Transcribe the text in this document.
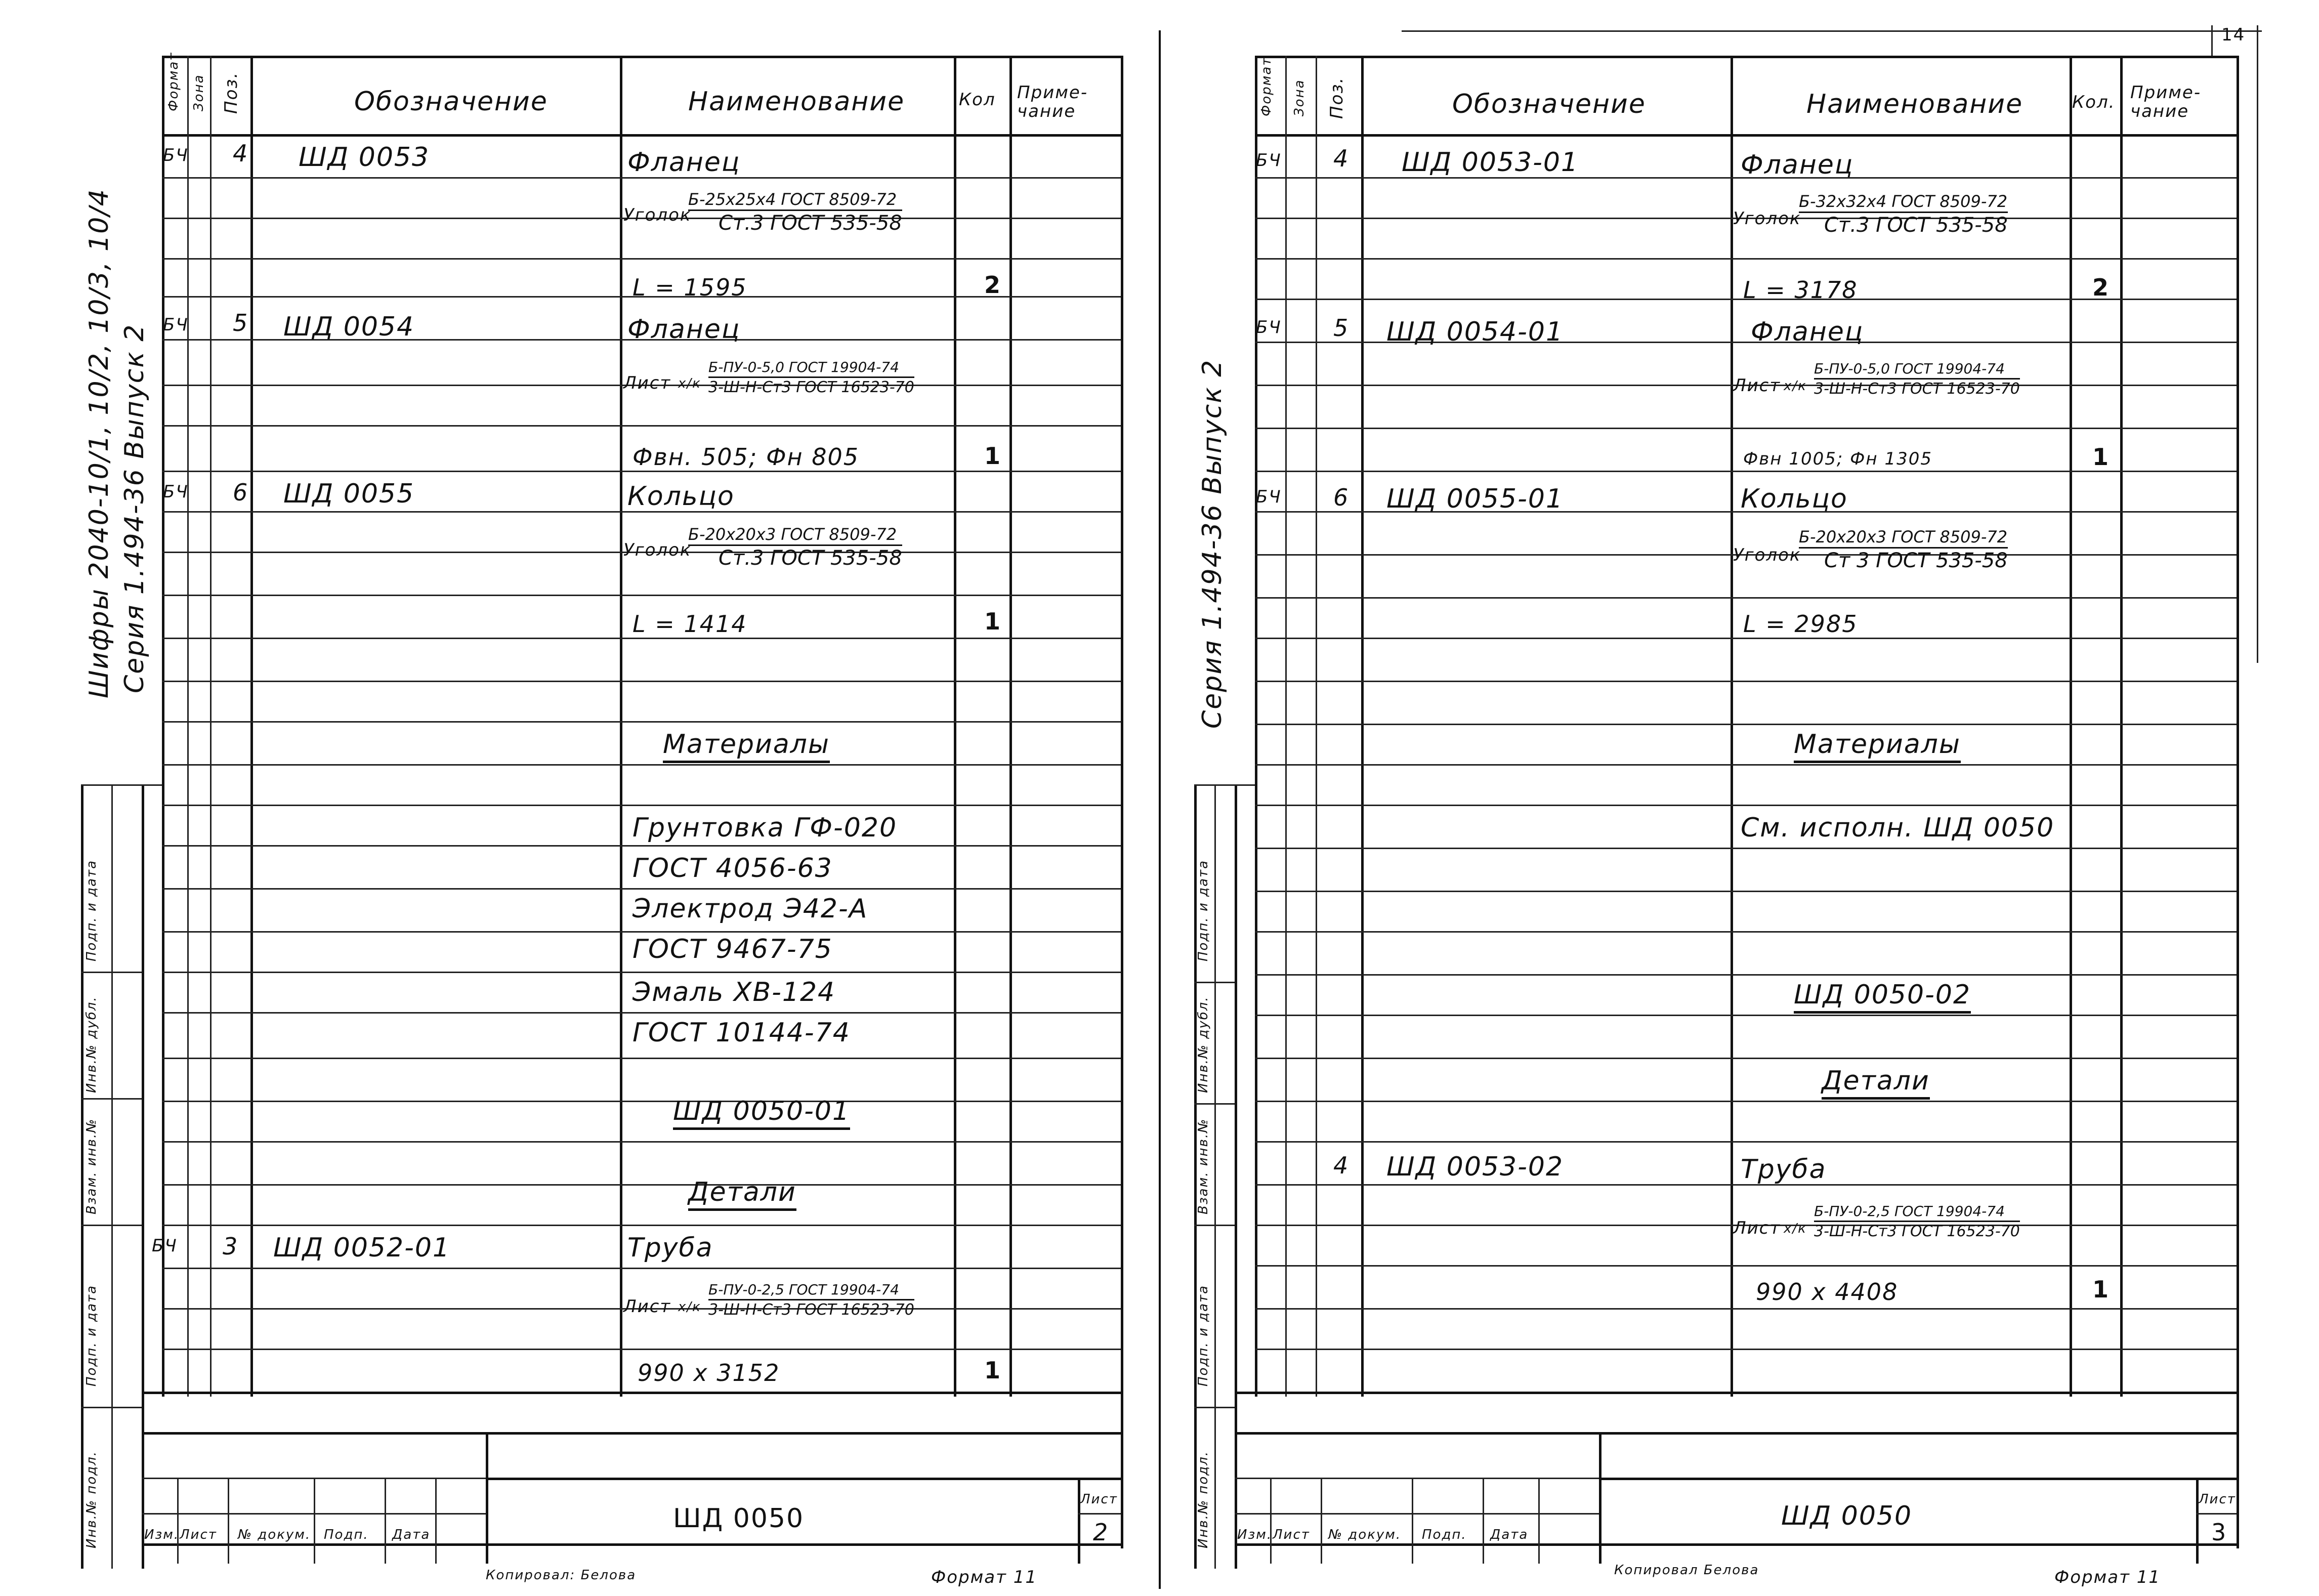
Шифры 2040-10/1, 10/2, 10/3, 10/4 Серия 1.494-36 Выпуск 2
Формат Зона Поз.	Обозначение	Наименование	Кол Приме-чание
БЧ 4 ШД 0053	Фланец
Уголок
Б-25х25х4 ГОСТ 8509-72
Ст.3 ГОСТ 535-58
L = 1595	2
БЧ 5 ШД 0054	Фланец
Лист х/к
Б-ПУ-0-5,0 ГОСТ 19904-74
3-Ш-Н-Ст3 ГОСТ 16523-70
Фвн. 505; Фн 805	1
БЧ 6 ШД 0055	Кольцо
Уголок
Б-20х20х3 ГОСТ 8509-72
Ст.3 ГОСТ 535-58
L = 1414	1
Материалы
Грунтовка ГФ-020
ГОСТ 4056-63
Электрод Э42-А
ГОСТ 9467-75
Эмаль ХВ-124
ГОСТ 10144-74
ШД 0050-01
Детали
БЧ 3 ШД 0052-01	Труба
Лист х/к
Б-ПУ-0-2,5 ГОСТ 19904-74
3-Ш-Н-Ст3 ГОСТ 16523-70
990 х 3152	1
Инв.№ подл.
Подп. и дата
Взам. инв.№
Инв.№ дубл.
Подп. и дата
Изм. Лист № докум. Подп. Дата
ШД 0050
Лист
2
Копировал: Белова	Формат 11
14
Серия 1.494-36 Выпуск 2
Формат Зона Поз.	Обозначение	Наименование	Кол. Приме-чание
БЧ 4 ШД 0053-01	Фланец
Уголок
Б-32х32х4 ГОСТ 8509-72
Ст.3 ГОСТ 535-58
L = 3178	2
БЧ 5 ШД 0054-01	Фланец
Лист х/к
Б-ПУ-0-5,0 ГОСТ 19904-74
3-Ш-Н-Ст3 ГОСТ 16523-70
Фвн 1005; Фн 1305	1
БЧ 6 ШД 0055-01	Кольцо
Уголок
Б-20х20х3 ГОСТ 8509-72
Ст 3 ГОСТ 535-58
L = 2985
Материалы
См. исполн. ШД 0050
ШД 0050-02
Детали
4 ШД 0053-02	Труба
Лист х/к
Б-ПУ-0-2,5 ГОСТ 19904-74
3-Ш-Н-Ст3 ГОСТ 16523-70
990 х 4408	1
Инв.№ подл.
Подп. и дата
Взам. инв.№
Инв.№ дубл.
Подп. и дата
Изм. Лист № докум. Подп. Дата
ШД 0050
Лист
3
Копировал Белова	Формат 11
